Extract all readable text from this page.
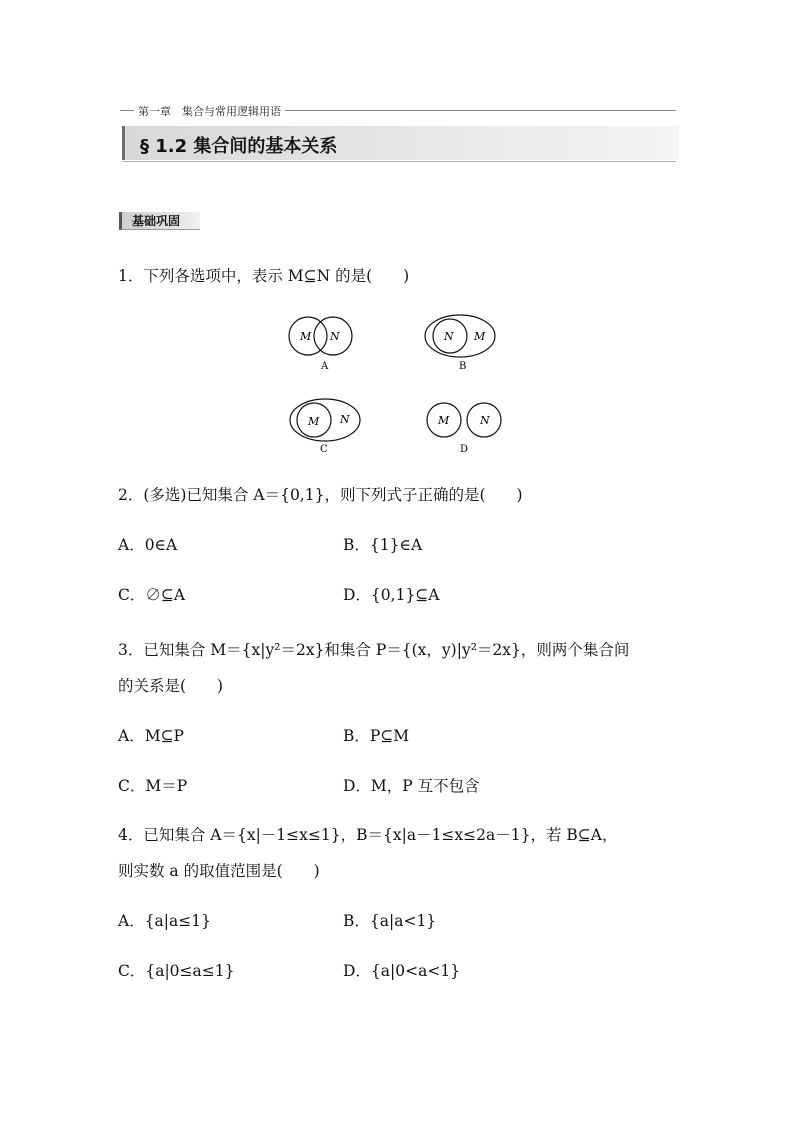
第一章　集合与常用逻辑用语
§ 1.2 集合间的基本关系
基础巩固
1．下列各选项中，表示 M⊆N 的是(　　)
M N
A
N M
B
M N
C
M	N
D
2．(多选)已知集合 A＝{0,1}，则下列式子正确的是(　　)
A．0∈A	B．{1}∈A
C．∅⊆A	D．{0,1}⊆A
3．已知集合 M＝{x|y²＝2x}和集合 P＝{(x，y)|y²＝2x}，则两个集合间
的关系是(　　)
A．M⊆P	B．P⊆M
C．M＝P	D．M，P 互不包含
4．已知集合 A＝{x|－1≤x≤1}，B＝{x|a－1≤x≤2a－1}，若 B⊆A，
则实数 a 的取值范围是(　　)
A．{a|a≤1}	B．{a|a<1}
C．{a|0≤a≤1}	D．{a|0<a<1}
